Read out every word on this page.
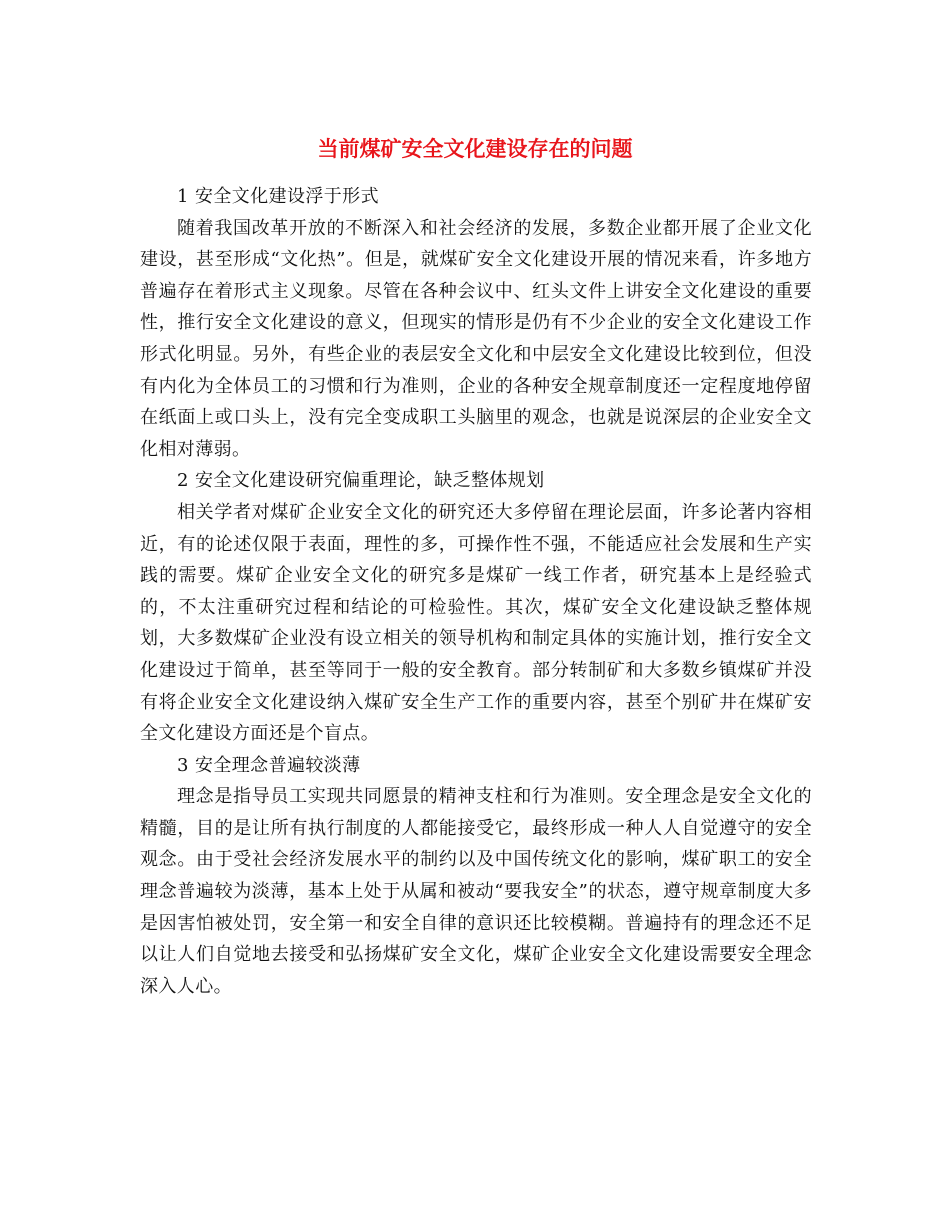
当前煤矿安全文化建设存在的问题

1 安全文化建设浮于形式

随着我国改革开放的不断深入和社会经济的发展，多数企业都开展了企业文化建设，甚至形成“文化热”。但是，就煤矿安全文化建设开展的情况来看，许多地方普遍存在着形式主义现象。尽管在各种会议中、红头文件上讲安全文化建设的重要性，推行安全文化建设的意义，但现实的情形是仍有不少企业的安全文化建设工作形式化明显。另外，有些企业的表层安全文化和中层安全文化建设比较到位，但没有内化为全体员工的习惯和行为准则，企业的各种安全规章制度还一定程度地停留在纸面上或口头上，没有完全变成职工头脑里的观念，也就是说深层的企业安全文化相对薄弱。

2 安全文化建设研究偏重理论，缺乏整体规划

相关学者对煤矿企业安全文化的研究还大多停留在理论层面，许多论著内容相近，有的论述仅限于表面，理性的多，可操作性不强，不能适应社会发展和生产实践的需要。煤矿企业安全文化的研究多是煤矿一线工作者，研究基本上是经验式的，不太注重研究过程和结论的可检验性。其次，煤矿安全文化建设缺乏整体规划，大多数煤矿企业没有设立相关的领导机构和制定具体的实施计划，推行安全文化建设过于简单，甚至等同于一般的安全教育。部分转制矿和大多数乡镇煤矿并没有将企业安全文化建设纳入煤矿安全生产工作的重要内容，甚至个别矿井在煤矿安全文化建设方面还是个盲点。

3 安全理念普遍较淡薄

理念是指导员工实现共同愿景的精神支柱和行为准则。安全理念是安全文化的精髓，目的是让所有执行制度的人都能接受它，最终形成一种人人自觉遵守的安全观念。由于受社会经济发展水平的制约以及中国传统文化的影响，煤矿职工的安全理念普遍较为淡薄，基本上处于从属和被动“要我安全”的状态，遵守规章制度大多是因害怕被处罚，安全第一和安全自律的意识还比较模糊。普遍持有的理念还不足以让人们自觉地去接受和弘扬煤矿安全文化，煤矿企业安全文化建设需要安全理念深入人心。
